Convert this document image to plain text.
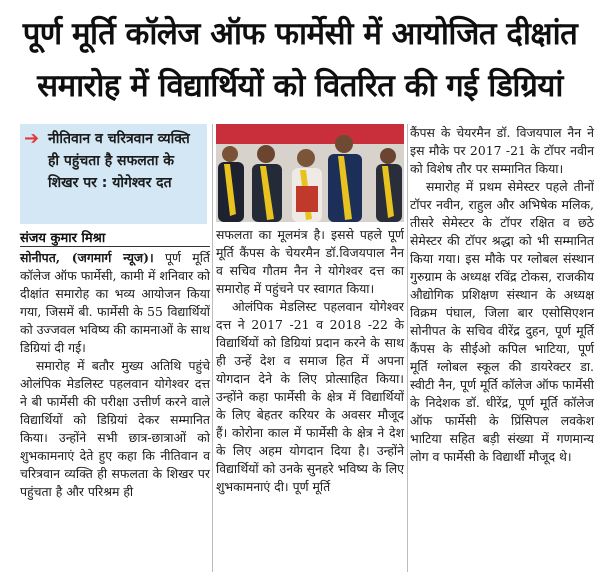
पूर्ण मूर्ति कॉलेज ऑफ फार्मेसी में आयोजित दीक्षांत
समारोह में विद्यार्थियों को वितरित की गई डिग्रियां
➔ नीतिवान व चरित्रवान व्यक्ति ही पहुंचता है सफलता के शिखर पर : योगेश्वर दत
संजय कुमार मिश्रा

सोनीपत, (जगमार्ग न्यूज)। पूर्ण मूर्ति कॉलेज ऑफ फार्मेसी, कामी में शनिवार को दीक्षांत समारोह का भव्य आयोजन किया गया, जिसमें बी. फार्मेसी के 55 विद्यार्थियों को उज्जवल भविष्य की कामनाओं के साथ डिग्रियां दी गई।

समारोह में बतौर मुख्य अतिथि पहुंचे ओलंपिक मेडलिस्ट पहलवान योगेश्वर दत्त ने बी फार्मेसी की परीक्षा उत्तीर्ण करने वाले विद्यार्थियों को डिग्रियां देकर सम्मानित किया। उन्होंने सभी छात्र-छात्राओं को शुभकामनाएं देते हुए कहा कि नीतिवान व चरित्रवान व्यक्ति ही सफलता के शिखर पर पहुंचता है और परिश्रम ही

सफलता का मूलमंत्र है। इससे पहले पूर्ण मूर्ति कैंपस के चेयरमैन डॉ.विजयपाल नैन व सचिव गौतम नैन ने योगेश्वर दत्त का समारोह में पहुंचने पर स्वागत किया।

ओलंपिक मेडलिस्ट पहलवान योगेश्वर दत्त ने 2017 -21 व 2018 -22 के विद्यार्थियों को डिग्रियां प्रदान करने के साथ ही उन्हें देश व समाज हित में अपना योगदान देने के लिए प्रोत्साहित किया। उन्होंने कहा फार्मेसी के क्षेत्र में विद्यार्थियों के लिए बेहतर करियर के अवसर मौजूद हैं। कोरोना काल में फार्मेसी के क्षेत्र ने देश के लिए अहम योगदान दिया है। उन्होंने विद्यार्थियों को उनके सुनहरे भविष्य के लिए शुभकामनाएं दी। पूर्ण मूर्ति

कैंपस के चेयरमैन डॉ. विजयपाल नैन ने इस मौके पर 2017 -21 के टॉपर नवीन को विशेष तौर पर सम्मानित किया।

समारोह में प्रथम सेमेस्टर पहले तीनों टॉपर नवीन, राहुल और अभिषेक मलिक, तीसरे सेमेस्टर के टॉपर रक्षित व छठे सेमेस्टर की टॉपर श्रद्धा को भी सम्मानित किया गया। इस मौके पर ग्लोबल संस्थान गुरुग्राम के अध्यक्ष रविंद्र टोकस, राजकीय औद्योगिक प्रशिक्षण संस्थान के अध्यक्ष विक्रम पंघाल, जिला बार एसोसिएशन सोनीपत के सचिव वीरेंद्र दुहन, पूर्ण मूर्ति कैंपस के सीईओ कपिल भाटिया, पूर्ण मूर्ति ग्लोबल स्कूल की डायरेक्टर डा. स्वीटी नैन, पूर्ण मूर्ति कॉलेज ऑफ फार्मेसी के निदेशक डॉ. धीरेंद्र, पूर्ण मूर्ति कॉलेज ऑफ फार्मेसी के प्रिंसिपल लवकेश भाटिया सहित बड़ी संख्या में गणमान्य लोग व फार्मेसी के विद्यार्थी मौजूद थे।
